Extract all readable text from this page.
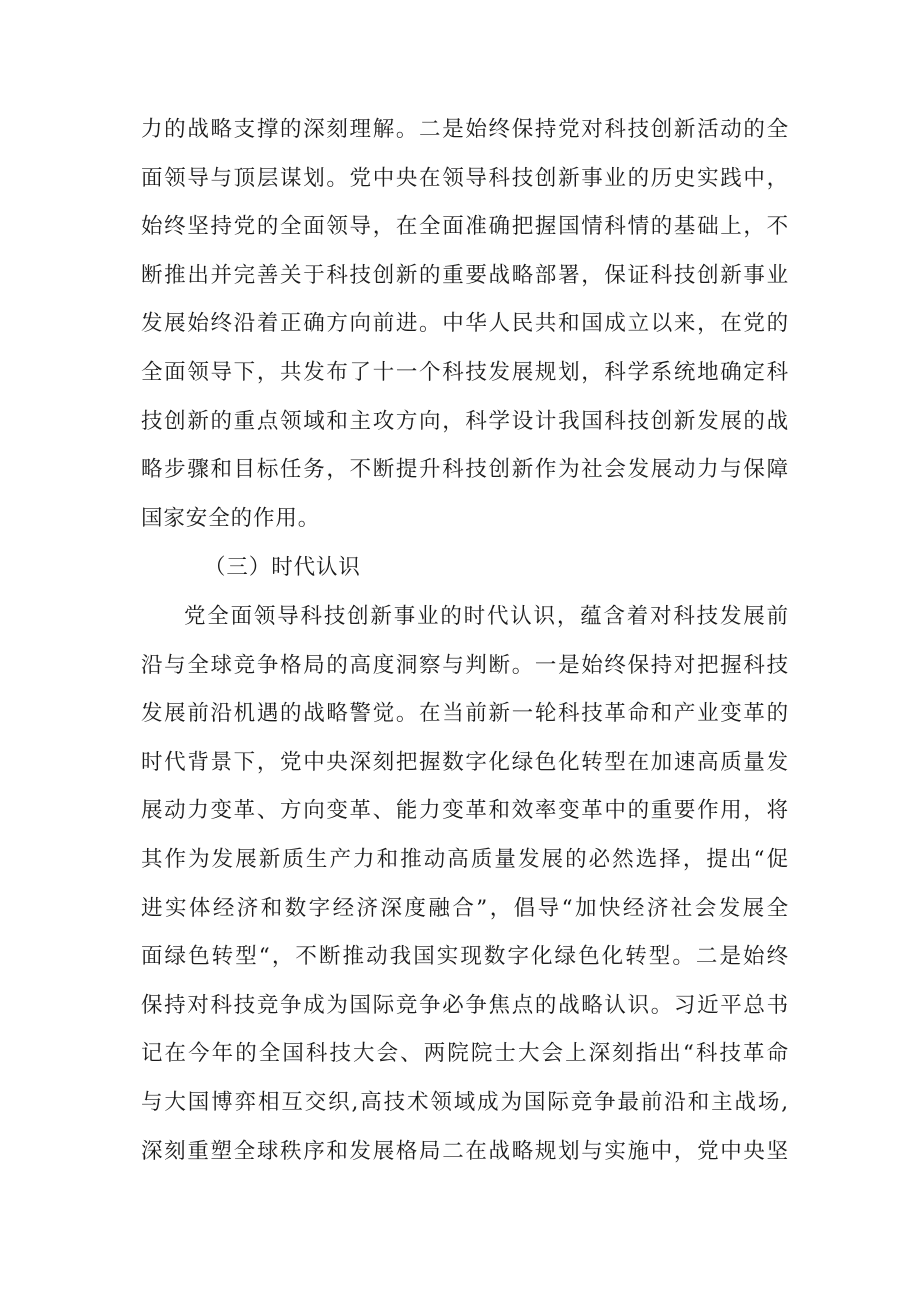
力的战略支撑的深刻理解。二是始终保持党对科技创新活动的全
面领导与顶层谋划。党中央在领导科技创新事业的历史实践中，
始终坚持党的全面领导，在全面准确把握国情科情的基础上，不
断推出并完善关于科技创新的重要战略部署，保证科技创新事业
发展始终沿着正确方向前进。中华人民共和国成立以来，在党的
全面领导下，共发布了十一个科技发展规划，科学系统地确定科
技创新的重点领域和主攻方向，科学设计我国科技创新发展的战
略步骤和目标任务，不断提升科技创新作为社会发展动力与保障
国家安全的作用。
（三）时代认识
党全面领导科技创新事业的时代认识，蕴含着对科技发展前
沿与全球竞争格局的高度洞察与判断。一是始终保持对把握科技
发展前沿机遇的战略警觉。在当前新一轮科技革命和产业变革的
时代背景下，党中央深刻把握数字化绿色化转型在加速高质量发
展动力变革、方向变革、能力变革和效率变革中的重要作用，将
其作为发展新质生产力和推动高质量发展的必然选择，提出“促
进实体经济和数字经济深度融合”，倡导“加快经济社会发展全
面绿色转型“，不断推动我国实现数字化绿色化转型。二是始终
保持对科技竞争成为国际竞争必争焦点的战略认识。习近平总书
记在今年的全国科技大会、两院院士大会上深刻指出“科技革命
与大国博弈相互交织,高技术领域成为国际竞争最前沿和主战场,
深刻重塑全球秩序和发展格局二在战略规划与实施中，党中央坚
